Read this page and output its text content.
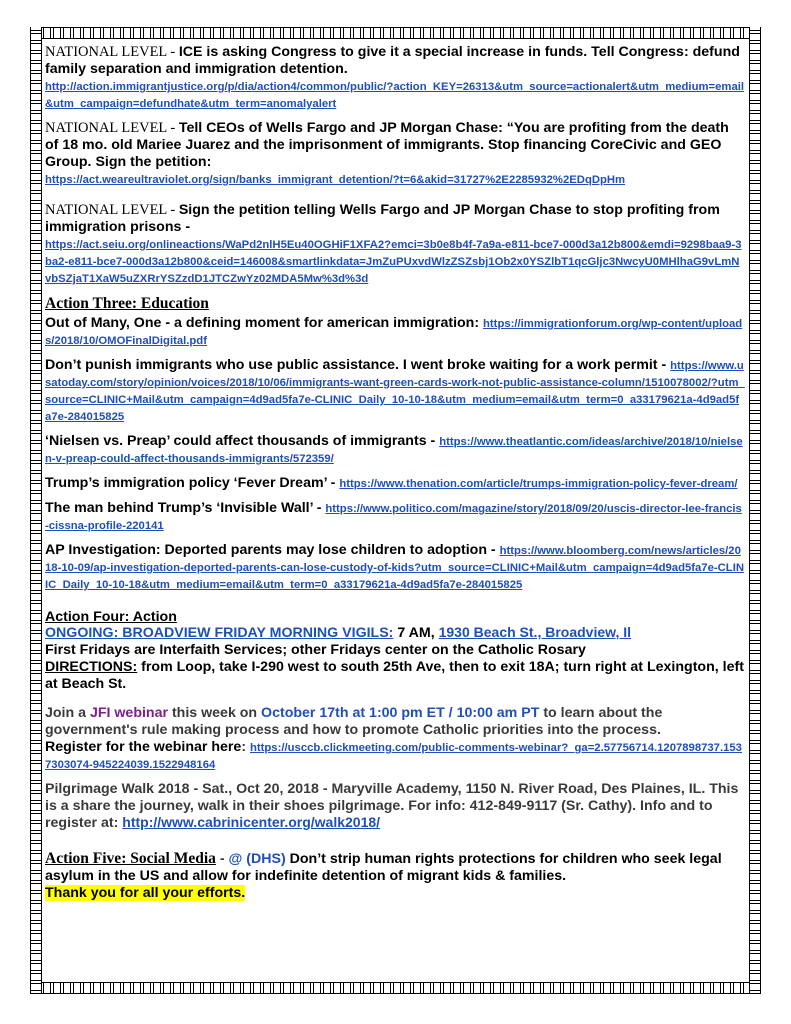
NATIONAL LEVEL - ICE is asking Congress to give it a special increase in funds. Tell Congress: defund family separation and immigration detention.
http://action.immigrantjustice.org/p/dia/action4/common/public/?action_KEY=26313&utm_source=actionalert&utm_medium=email&utm_campaign=defundhate&utm_term=anomalyalert

NATIONAL LEVEL - Tell CEOs of Wells Fargo and JP Morgan Chase: “You are profiting from the death of 18 mo. old Mariee Juarez and the imprisonment of immigrants. Stop financing CoreCivic and GEO Group. Sign the petition:
https://act.weareultraviolet.org/sign/banks_immigrant_detention/?t=6&akid=31727%2E2285932%2EDqDpHm

NATIONAL LEVEL - Sign the petition telling Wells Fargo and JP Morgan Chase to stop profiting from immigration prisons -
https://act.seiu.org/onlineactions/WaPd2nlH5Eu40OGHiF1XFA2?emci=3b0e8b4f-7a9a-e811-bce7-000d3a12b800&emdi=9298baa9-3ba2-e811-bce7-000d3a12b800&ceid=146008&smartlinkdata=JmZuPUxvdWlzZSZsbj1Ob2x0YSZlbT1qcGljc3NwcyU0MHlhaG9vLmNvbSZjaT1XaW5uZXRrYSZzdD1JTCZwYz02MDA5Mw%3d%3d

Action Three: Education

Out of Many, One - a defining moment for american immigration: https://immigrationforum.org/wp-content/uploads/2018/10/OMOFinalDigital.pdf

Don’t punish immigrants who use public assistance. I went broke waiting for a work permit - https://www.usatoday.com/story/opinion/voices/2018/10/06/immigrants-want-green-cards-work-not-public-assistance-column/1510078002/?utm_source=CLINIC+Mail&utm_campaign=4d9ad5fa7e-CLINIC_Daily_10-10-18&utm_medium=email&utm_term=0_a33179621a-4d9ad5fa7e-284015825

‘Nielsen vs. Preap’ could affect thousands of immigrants - https://www.theatlantic.com/ideas/archive/2018/10/nielsen-v-preap-could-affect-thousands-immigrants/572359/

Trump’s immigration policy ‘Fever Dream’ - https://www.thenation.com/article/trumps-immigration-policy-fever-dream/

The man behind Trump’s ‘Invisible Wall’ - https://www.politico.com/magazine/story/2018/09/20/uscis-director-lee-francis-cissna-profile-220141

AP Investigation: Deported parents may lose children to adoption - https://www.bloomberg.com/news/articles/2018-10-09/ap-investigation-deported-parents-can-lose-custody-of-kids?utm_source=CLINIC+Mail&utm_campaign=4d9ad5fa7e-CLINIC_Daily_10-10-18&utm_medium=email&utm_term=0_a33179621a-4d9ad5fa7e-284015825

Action Four: Action

ONGOING: BROADVIEW FRIDAY MORNING VIGILS: 7 AM, 1930 Beach St., Broadview, Il
First Fridays are Interfaith Services; other Fridays center on the Catholic Rosary
DIRECTIONS: from Loop, take I-290 west to south 25th Ave, then to exit 18A; turn right at Lexington, left at Beach St.

Join a JFI webinar this week on October 17th at 1:00 pm ET / 10:00 am PT to learn about the government's rule making process and how to promote Catholic priorities into the process.
Register for the webinar here: https://usccb.clickmeeting.com/public-comments-webinar?_ga=2.57756714.1207898737.1537303074-945224039.1522948164

Pilgrimage Walk 2018 - Sat., Oct 20, 2018 - Maryville Academy, 1150 N. River Road, Des Plaines, IL. This is a share the journey, walk in their shoes pilgrimage. For info: 412-849-9117 (Sr. Cathy). Info and to register at: http://www.cabrinicenter.org/walk2018/

Action Five: Social Media - @ (DHS) Don’t strip human rights protections for children who seek legal asylum in the US and allow for indefinite detention of migrant kids & families.
Thank you for all your efforts.
